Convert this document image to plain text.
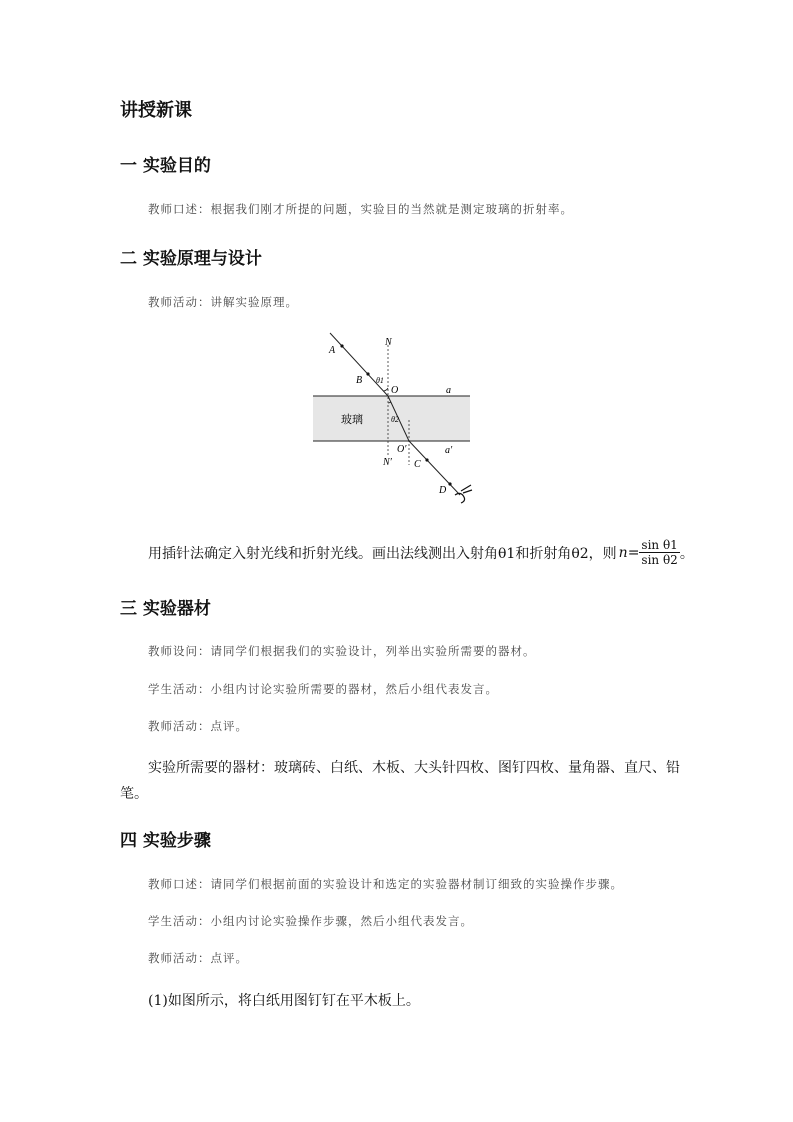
讲授新课
一 实验目的
教师口述：根据我们刚才所提的问题，实验目的当然就是测定玻璃的折射率。
二 实验原理与设计
教师活动：讲解实验原理。
A
B
N
O	a
θ1
玻璃	θ2
O′	a′
N′ C
D
用插针法确定入射光线和折射光线。画出法线测出入射角θ1和折射角θ2，则 $n= \frac{\text{sin θ1}}{\text{sin θ2}}$ 。
三 实验器材
教师设问：请同学们根据我们的实验设计，列举出实验所需要的器材。
学生活动：小组内讨论实验所需要的器材，然后小组代表发言。
教师活动：点评。
实验所需要的器材：玻璃砖、白纸、木板、大头针四枚、图钉四枚、量角器、直尺、铅
笔。
四 实验步骤
教师口述：请同学们根据前面的实验设计和选定的实验器材制订细致的实验操作步骤。
学生活动：小组内讨论实验操作步骤，然后小组代表发言。
教师活动：点评。
(1)如图所示，将白纸用图钉钉在平木板上。
